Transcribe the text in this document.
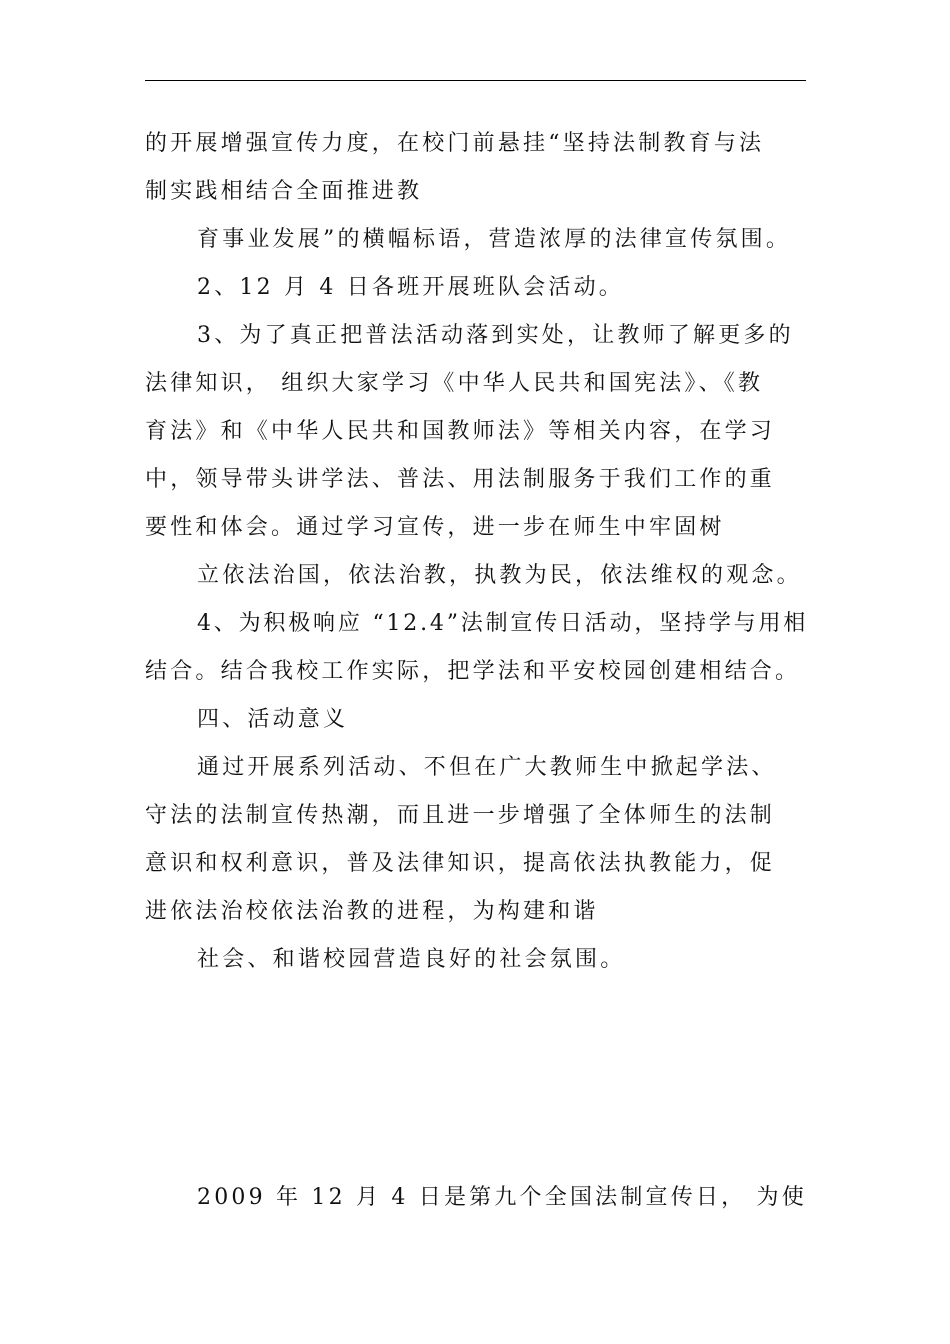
的开展增强宣传力度，在校门前悬挂“坚持法制教育与法
制实践相结合全面推进教
育事业发展”的横幅标语，营造浓厚的法律宣传氛围。
2、12 月 4 日各班开展班队会活动。
3、为了真正把普法活动落到实处，让教师了解更多的
法律知识， 组织大家学习《中华人民共和国宪法》、《教
育法》和《中华人民共和国教师法》等相关内容，在学习
中，领导带头讲学法、普法、用法制服务于我们工作的重
要性和体会。通过学习宣传，进一步在师生中牢固树
立依法治国，依法治教，执教为民，依法维权的观念。
4、为积极响应 “12.4”法制宣传日活动，坚持学与用相
结合。结合我校工作实际，把学法和平安校园创建相结合。
四、活动意义
通过开展系列活动、不但在广大教师生中掀起学法、
守法的法制宣传热潮，而且进一步增强了全体师生的法制
意识和权利意识，普及法律知识，提高依法执教能力，促
进依法治校依法治教的进程，为构建和谐
社会、和谐校园营造良好的社会氛围。
2009 年 12 月 4 日是第九个全国法制宣传日， 为使
